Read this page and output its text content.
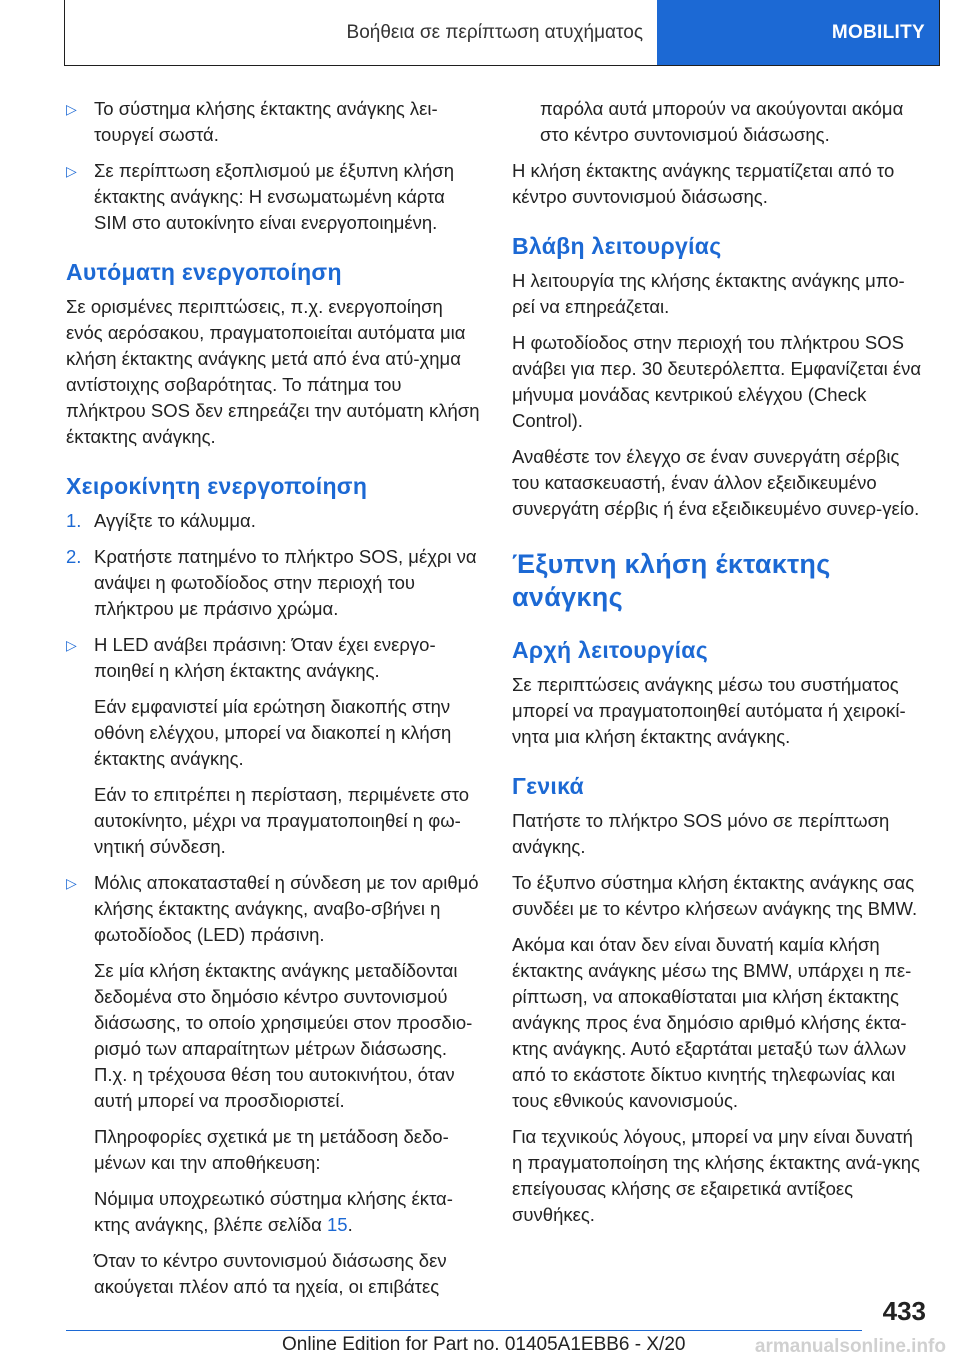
Βοήθεια σε περίπτωση ατυχήματος	MOBILITY
▷ Το σύστημα κλήσης έκτακτης ανάγκης λει-τουργεί σωστά.
▷ Σε περίπτωση εξοπλισμού με έξυπνη κλήση έκτακτης ανάγκης: Η ενσωματωμένη κάρτα SIM στο αυτοκίνητο είναι ενεργοποιημένη.
Αυτόματη ενεργοποίηση

Σε ορισμένες περιπτώσεις, π.χ. ενεργοποίηση ενός αερόσακου, πραγματοποιείται αυτόματα μια κλήση έκτακτης ανάγκης μετά από ένα ατύ-χημα αντίστοιχης σοβαρότητας. Το πάτημα του πλήκτρου SOS δεν επηρεάζει την αυτόματη κλήση έκτακτης ανάγκης.

Χειροκίνητη ενεργοποίηση
1. Αγγίξτε το κάλυμμα.
2. Κρατήστε πατημένο το πλήκτρο SOS, μέχρι να ανάψει η φωτοδίοδος στην περιοχή του πλήκτρου με πράσινο χρώμα.
▷ Η LED ανάβει πράσινη: Όταν έχει ενεργο-ποιηθεί η κλήση έκτακτης ανάγκης.

Εάν εμφανιστεί μία ερώτηση διακοπής στην οθόνη ελέγχου, μπορεί να διακοπεί η κλήση έκτακτης ανάγκης.

Εάν το επιτρέπει η περίσταση, περιμένετε στο αυτοκίνητο, μέχρι να πραγματοποιηθεί η φω-νητική σύνδεση.

▷ Μόλις αποκατασταθεί η σύνδεση με τον αριθμό κλήσης έκτακτης ανάγκης, αναβο-σβήνει η φωτοδίοδος (LED) πράσινη.

Σε μία κλήση έκτακτης ανάγκης μεταδίδονται δεδομένα στο δημόσιο κέντρο συντονισμού διάσωσης, το οποίο χρησιμεύει στον προσδιο-ρισμό των απαραίτητων μέτρων διάσωσης. Π.χ. η τρέχουσα θέση του αυτοκινήτου, όταν αυτή μπορεί να προσδιοριστεί.

Πληροφορίες σχετικά με τη μετάδοση δεδο-μένων και την αποθήκευση:

Νόμιμα υποχρεωτικό σύστημα κλήσης έκτα-κτης ανάγκης, βλέπε σελίδα 15.

Όταν το κέντρο συντονισμού διάσωσης δεν ακούγεται πλέον από τα ηχεία, οι επιβάτες

παρόλα αυτά μπορούν να ακούγονται ακόμα στο κέντρο συντονισμού διάσωσης.

Η κλήση έκτακτης ανάγκης τερματίζεται από το κέντρο συντονισμού διάσωσης.

Βλάβη λειτουργίας

Η λειτουργία της κλήσης έκτακτης ανάγκης μπο-ρεί να επηρεάζεται.

Η φωτοδίοδος στην περιοχή του πλήκτρου SOS ανάβει για περ. 30 δευτερόλεπτα. Εμφανίζεται ένα μήνυμα μονάδας κεντρικού ελέγχου (Check Control).

Αναθέστε τον έλεγχο σε έναν συνεργάτη σέρβις του κατασκευαστή, έναν άλλον εξειδικευμένο συνεργάτη σέρβις ή ένα εξειδικευμένο συνερ-γείο.

Έξυπνη κλήση έκτακτης ανάγκης
Αρχή λειτουργίας

Σε περιπτώσεις ανάγκης μέσω του συστήματος μπορεί να πραγματοποιηθεί αυτόματα ή χειροκί-νητα μια κλήση έκτακτης ανάγκης.

Γενικά

Πατήστε το πλήκτρο SOS μόνο σε περίπτωση ανάγκης.

Το έξυπνο σύστημα κλήση έκτακτης ανάγκης σας συνδέει με το κέντρο κλήσεων ανάγκης της BMW.

Ακόμα και όταν δεν είναι δυνατή καμία κλήση έκτακτης ανάγκης μέσω της BMW, υπάρχει η πε-ρίπτωση, να αποκαθίσταται μια κλήση έκτακτης ανάγκης προς ένα δημόσιο αριθμό κλήσης έκτα-κτης ανάγκης. Αυτό εξαρτάται μεταξύ των άλλων από το εκάστοτε δίκτυο κινητής τηλεφωνίας και τους εθνικούς κανονισμούς.

Για τεχνικούς λόγους, μπορεί να μην είναι δυνατή η πραγματοποίηση της κλήσης έκτακτης ανά-γκης επείγουσας κλήσης σε εξαιρετικά αντίξοες συνθήκες.

433
Online Edition for Part no. 01405A1EBB6 - X/20	armanualsonline.info
